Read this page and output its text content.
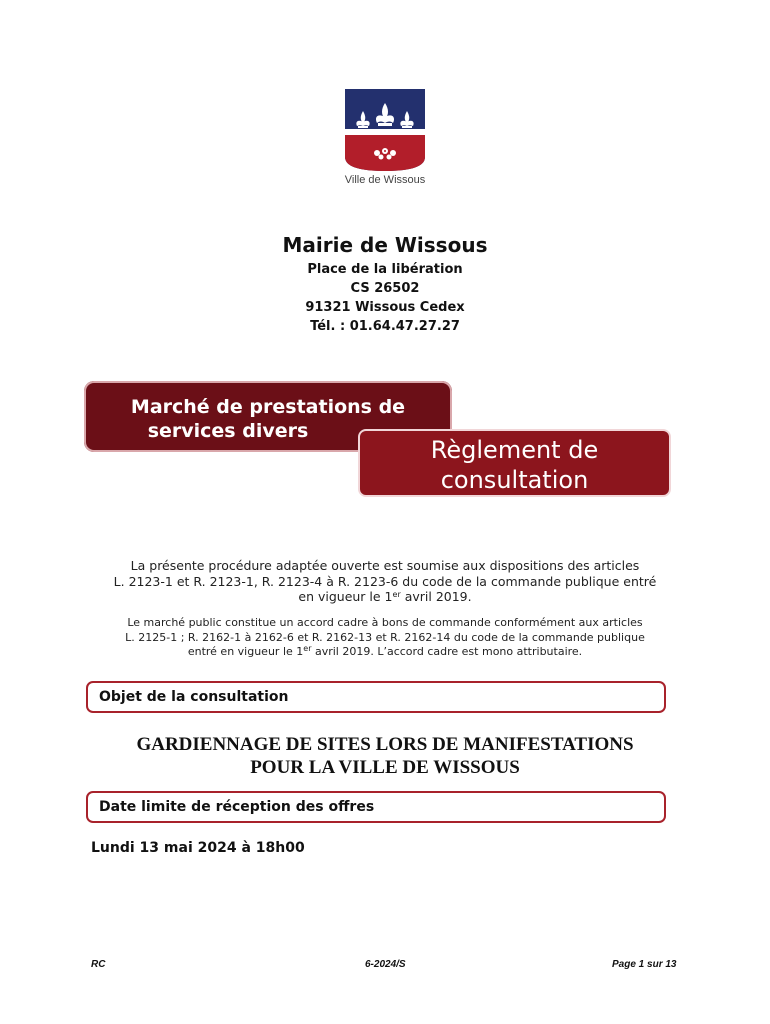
Ville de Wissous
Mairie de Wissous
Place de la libération
CS 26502
91321 Wissous Cedex
Tél. : 01.64.47.27.27
Marché de prestations de
services divers
Règlement de
consultation
La présente procédure adaptée ouverte est soumise aux dispositions des articles
L. 2123-1 et R. 2123-1, R. 2123-4 à R. 2123-6 du code de la commande publique entré
en vigueur le 1er avril 2019.
Le marché public constitue un accord cadre à bons de commande conformément aux articles
L. 2125-1 ; R. 2162-1 à 2162-6 et R. 2162-13 et R. 2162-14 du code de la commande publique
entré en vigueur le 1er avril 2019. L’accord cadre est mono attributaire.
Objet de la consultation
GARDIENNAGE DE SITES LORS DE MANIFESTATIONS
POUR LA VILLE DE WISSOUS
Date limite de réception des offres
Lundi 13 mai 2024 à 18h00
RC	6-2024/S	Page 1 sur 13
